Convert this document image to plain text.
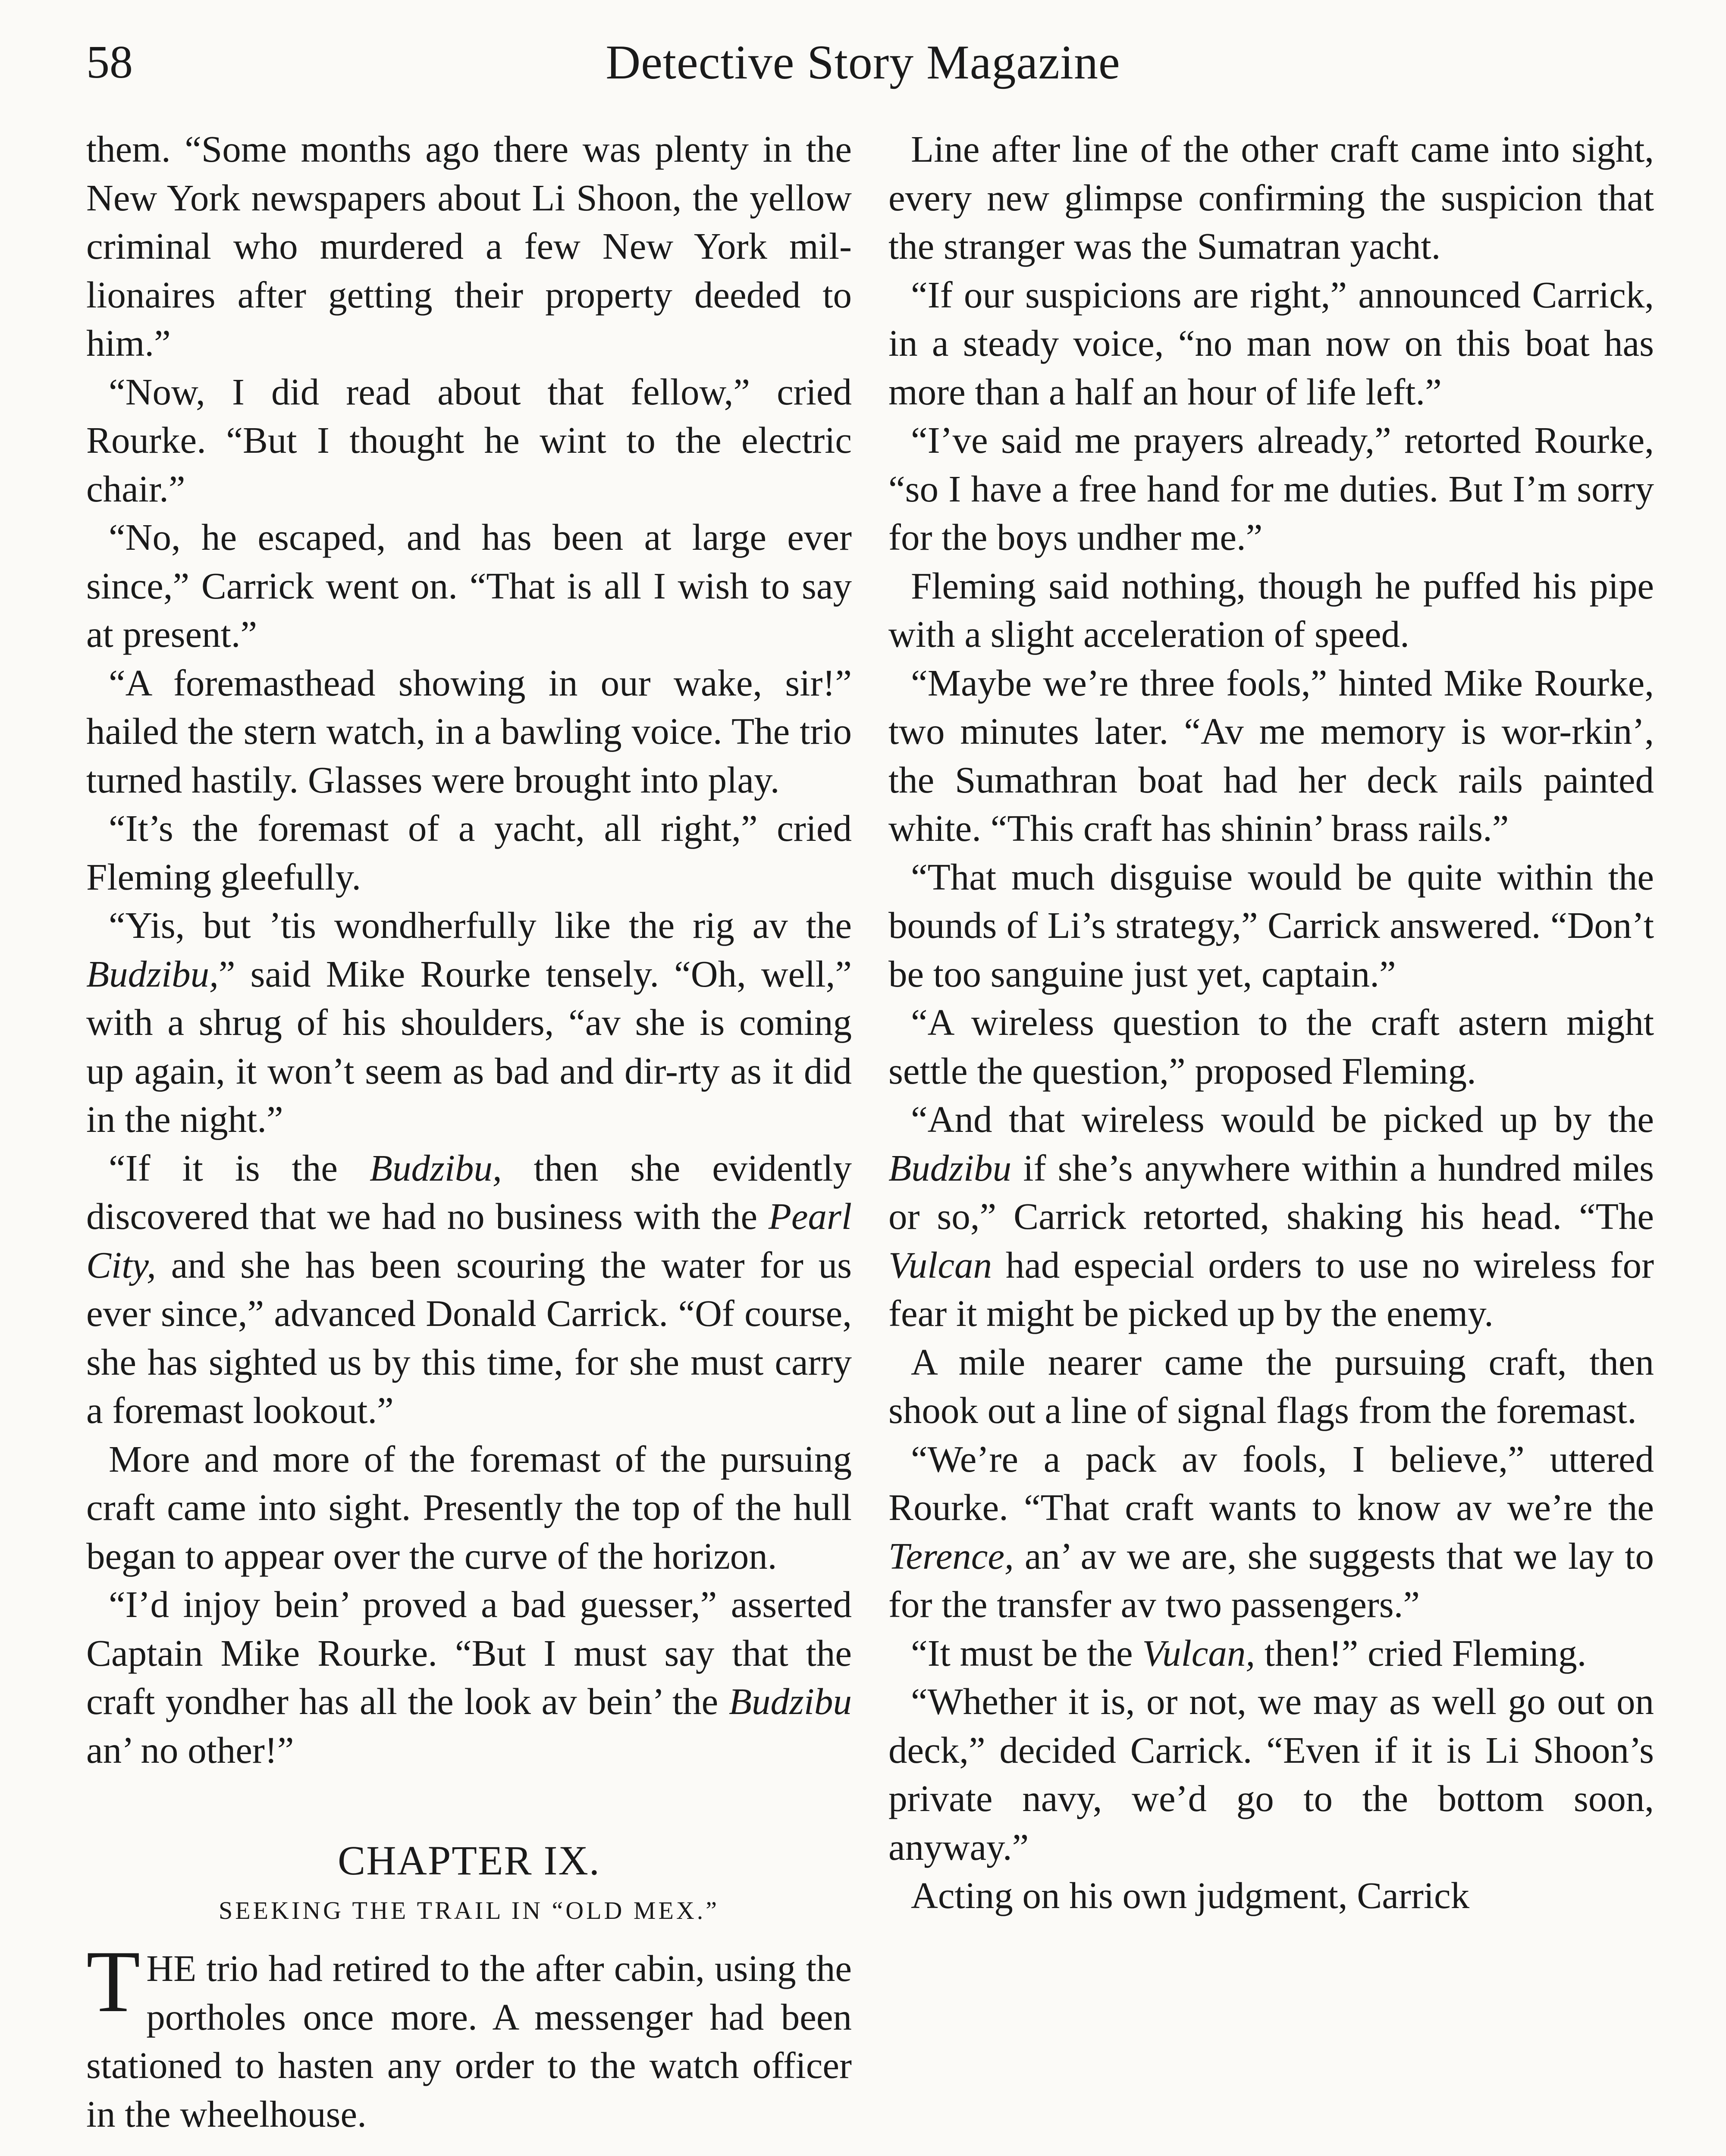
58	Detective Story Magazine

them. “Some months ago there was plenty in the New York newspapers about Li Shoon, the yellow criminal who murdered a few New York millionaires after getting their property deeded to him.”

“Now, I did read about that fellow,” cried Rourke. “But I thought he wint to the electric chair.”

“No, he escaped, and has been at large ever since,” Carrick went on. “That is all I wish to say at present.”

“A foremasthead showing in our wake, sir!” hailed the stern watch, in a bawling voice. The trio turned hastily. Glasses were brought into play.

“It’s the foremast of a yacht, all right,” cried Fleming gleefully.

“Yis, but ’tis wondherfully like the rig av the Budzibu,” said Mike Rourke tensely. “Oh, well,” with a shrug of his shoulders, “av she is coming up again, it won’t seem as bad and dir-rty as it did in the night.”

“If it is the Budzibu, then she evidently discovered that we had no business with the Pearl City, and she has been scouring the water for us ever since,” advanced Donald Carrick. “Of course, she has sighted us by this time, for she must carry a foremast lookout.”

More and more of the foremast of the pursuing craft came into sight. Presently the top of the hull began to appear over the curve of the horizon.

“I’d injoy bein’ proved a bad guesser,” asserted Captain Mike Rourke. “But I must say that the craft yondher has all the look av bein’ the Budzibu an’ no other!”

CHAPTER IX.
SEEKING THE TRAIL IN “OLD MEX.”

THE trio had retired to the after cabin, using the portholes once more. A messenger had been stationed to hasten any order to the watch officer in the wheelhouse.

Line after line of the other craft came into sight, every new glimpse confirming the suspicion that the stranger was the Sumatran yacht.

“If our suspicions are right,” announced Carrick, in a steady voice, “no man now on this boat has more than a half an hour of life left.”

“I’ve said me prayers already,” retorted Rourke, “so I have a free hand for me duties. But I’m sorry for the boys undher me.”

Fleming said nothing, though he puffed his pipe with a slight acceleration of speed.

“Maybe we’re three fools,” hinted Mike Rourke, two minutes later. “Av me memory is wor-rkin’, the Sumathran boat had her deck rails painted white. “This craft has shinin’ brass rails.”

“That much disguise would be quite within the bounds of Li’s strategy,” Carrick answered. “Don’t be too sanguine just yet, captain.”

“A wireless question to the craft astern might settle the question,” proposed Fleming.

“And that wireless would be picked up by the Budzibu if she’s anywhere within a hundred miles or so,” Carrick retorted, shaking his head. “The Vulcan had especial orders to use no wireless for fear it might be picked up by the enemy.

A mile nearer came the pursuing craft, then shook out a line of signal flags from the foremast.

“We’re a pack av fools, I believe,” uttered Rourke. “That craft wants to know av we’re the Terence, an’ av we are, she suggests that we lay to for the transfer av two passengers.”

“It must be the Vulcan, then!” cried Fleming.

“Whether it is, or not, we may as well go out on deck,” decided Carrick. “Even if it is Li Shoon’s private navy, we’d go to the bottom soon, anyway.”

Acting on his own judgment, Carrick
